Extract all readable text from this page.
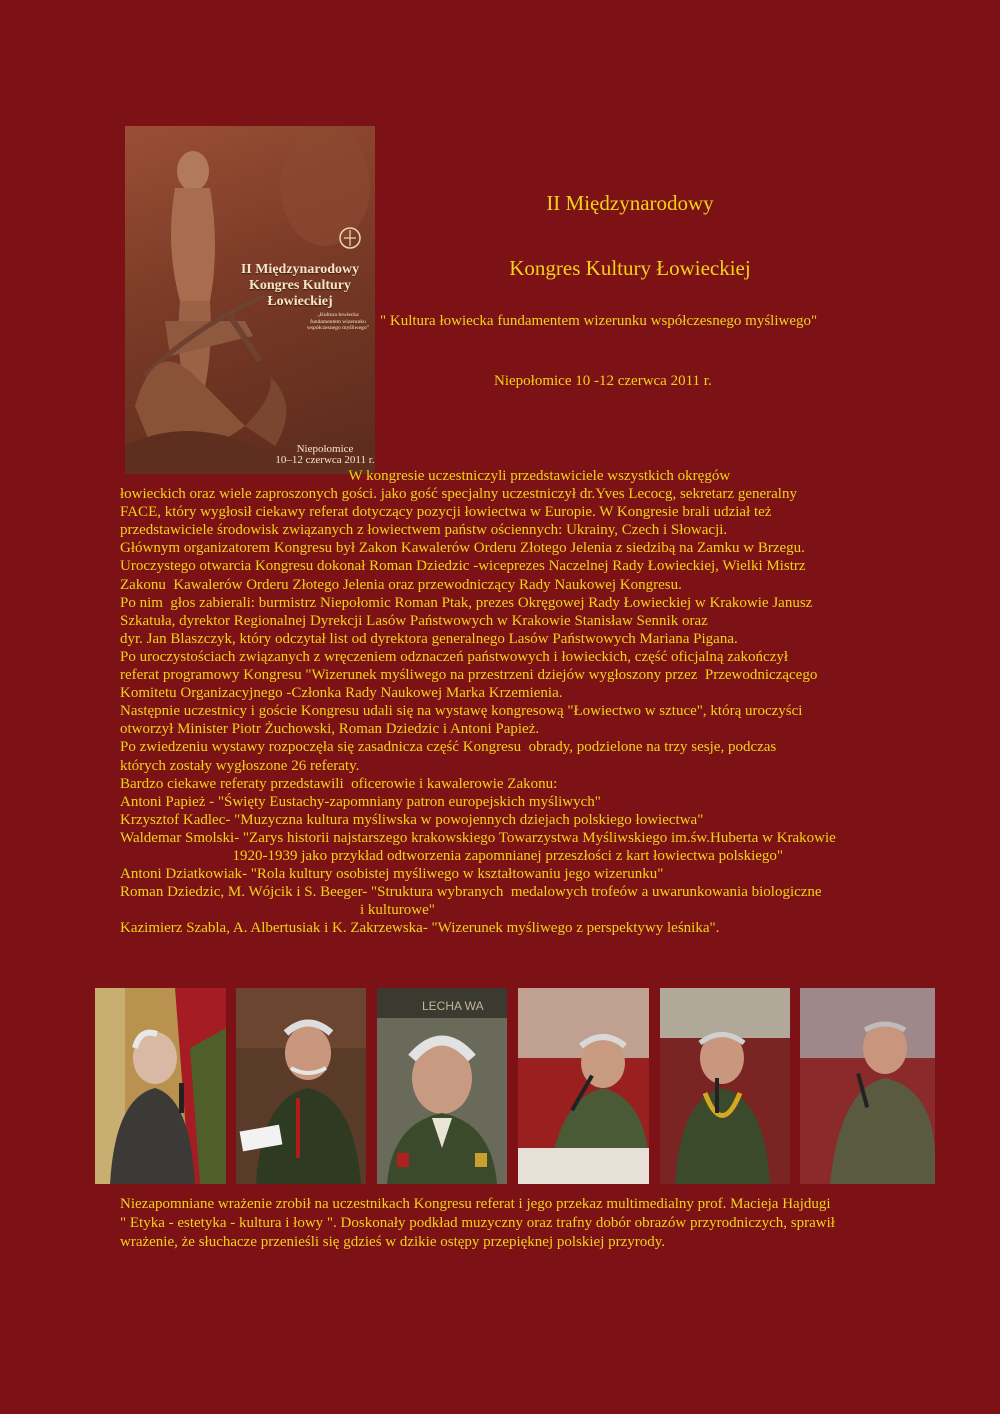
II Międzynarodowy
Kongres Kultury
Łowieckiej
„Kultura łowiecka
fundamentem wizerunku
współczesnego myśliwego”
Niepołomice
10–12 czerwca 2011 r.
II Międzynarodowy
Kongres Kultury Łowieckiej
" Kultura łowiecka fundamentem wizerunku współczesnego myśliwego"
Niepołomice 10 -12 czerwca 2011 r.
W kongresie uczestniczyli przedstawiciele wszystkich okręgów
łowieckich oraz wiele zaproszonych gości. jako gość specjalny uczestniczył dr.Yves Lecocg, sekretarz generalny
FACE, który wygłosił ciekawy referat dotyczący pozycji łowiectwa w Europie. W Kongresie brali udział też
przedstawiciele środowisk związanych z łowiectwem państw ościennych: Ukrainy, Czech i Słowacji.
Głównym organizatorem Kongresu był Zakon Kawalerów Orderu Złotego Jelenia z siedzibą na Zamku w Brzegu.
Uroczystego otwarcia Kongresu dokonał Roman Dziedzic -wiceprezes Naczelnej Rady Łowieckiej, Wielki Mistrz
Zakonu  Kawalerów Orderu Złotego Jelenia oraz przewodniczący Rady Naukowej Kongresu.
Po nim  głos zabierali: burmistrz Niepołomic Roman Ptak, prezes Okręgowej Rady Łowieckiej w Krakowie Janusz
Szkatuła, dyrektor Regionalnej Dyrekcji Lasów Państwowych w Krakowie Stanisław Sennik oraz
dyr. Jan Blaszczyk, który odczytał list od dyrektora generalnego Lasów Państwowych Mariana Pigana.
Po uroczystościach związanych z wręczeniem odznaczeń państwowych i łowieckich, część oficjalną zakończył
referat programowy Kongresu "Wizerunek myśliwego na przestrzeni dziejów wygłoszony przez  Przewodniczącego
Komitetu Organizacyjnego -Członka Rady Naukowej Marka Krzemienia.
Następnie uczestnicy i goście Kongresu udali się na wystawę kongresową "Łowiectwo w sztuce", którą uroczyści
otworzył Minister Piotr Żuchowski, Roman Dziedzic i Antoni Papież.
Po zwiedzeniu wystawy rozpoczęła się zasadnicza część Kongresu  obrady, podzielone na trzy sesje, podczas
których zostały wygłoszone 26 referaty.
Bardzo ciekawe referaty przedstawili  oficerowie i kawalerowie Zakonu:
Antoni Papież - "Święty Eustachy-zapomniany patron europejskich myśliwych"
Krzysztof Kadlec- "Muzyczna kultura myśliwska w powojennych dziejach polskiego łowiectwa"
Waldemar Smolski- "Zarys historii najstarszego krakowskiego Towarzystwa Myśliwskiego im.św.Huberta w Krakowie
1920-1939 jako przykład odtworzenia zapomnianej przeszłości z kart łowiectwa polskiego"
Antoni Dziatkowiak- "Rola kultury osobistej myśliwego w kształtowaniu jego wizerunku"
Roman Dziedzic, M. Wójcik i S. Beeger- "Struktura wybranych  medalowych trofeów a uwarunkowania biologiczne
i kulturowe"
Kazimierz Szabla, A. Albertusiak i K. Zakrzewska- "Wizerunek myśliwego z perspektywy leśnika".
LECHA WA
Niezapomniane wrażenie zrobił na uczestnikach Kongresu referat i jego przekaz multimedialny prof. Macieja Hajdugi
" Etyka - estetyka - kultura i łowy ". Doskonały podkład muzyczny oraz trafny dobór obrazów przyrodniczych, sprawił
wrażenie, że słuchacze przenieśli się gdzieś w dzikie ostępy przepięknej polskiej przyrody.
